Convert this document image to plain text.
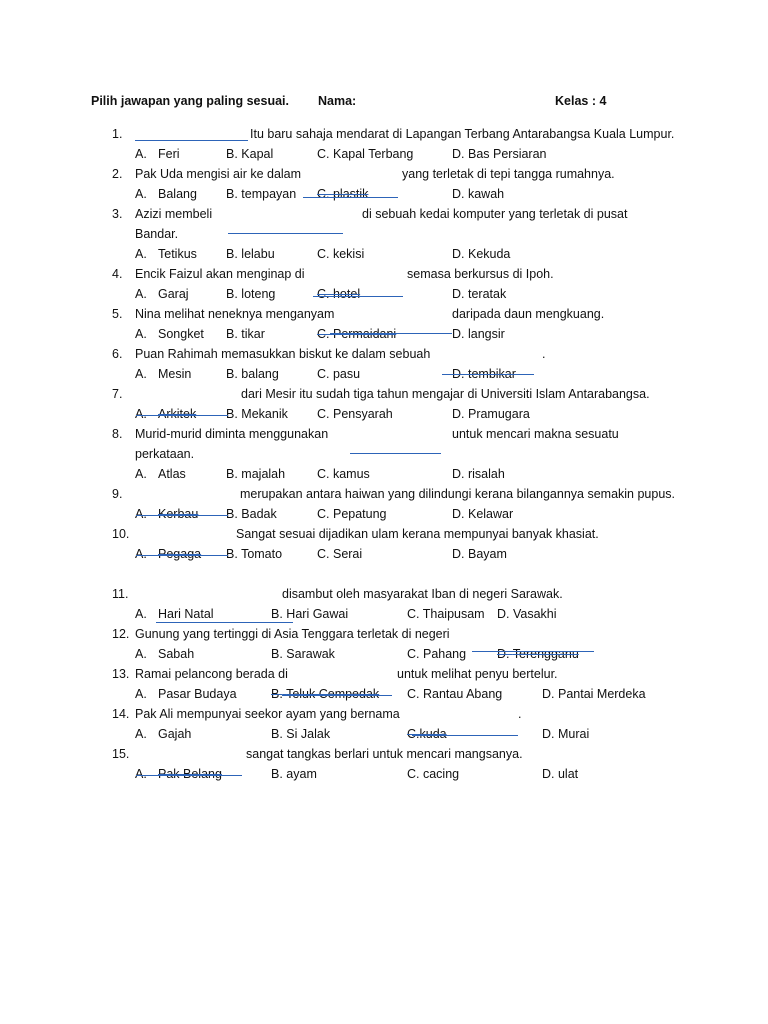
Pilih jawapan yang paling sesuai. Nama:	Kelas : 4
1.	Itu baru sahaja mendarat di Lapangan Terbang Antarabangsa Kuala Lumpur.
A. Feri	B. Kapal	C. Kapal Terbang	D. Bas Persiaran
2. Pak Uda mengisi air ke dalam	yang terletak di tepi tangga rumahnya.
A. Balang B. tempayan C. plastik	D. kawah
3. Azizi membeli	di sebuah kedai komputer yang terletak di pusat
Bandar.
A. Tetikus B. lelabu	C. kekisi	D. Kekuda
4. Encik Faizul akan menginap di	semasa berkursus di Ipoh.
A. Garaj	B. loteng	C. hotel	D. teratak
5. Nina melihat neneknya menganyam	daripada daun mengkuang.
A. Songket B. tikar	C. Permaidani	D. langsir
6. Puan Rahimah memasukkan biskut ke dalam sebuah	.
A. Mesin	B. balang	C. pasu	D. tembikar
7.	dari Mesir itu sudah tiga tahun mengajar di Universiti Islam Antarabangsa.
A. Arkitek B. Mekanik C. Pensyarah	D. Pramugara
8. Murid-murid diminta menggunakan	untuk mencari makna sesuatu
perkataan.
A. Atlas	B. majalah	C. kamus	D. risalah
9.	merupakan antara haiwan yang dilindungi kerana bilangannya semakin pupus.
A. Kerbau B. Badak	C. Pepatung	D. Kelawar
10.	Sangat sesuai dijadikan ulam kerana mempunyai banyak khasiat.
A. Pegaga B. Tomato	C. Serai	D. Bayam
11.	disambut oleh masyarakat Iban di negeri Sarawak.
A. Hari Natal	B. Hari Gawai	C. Thaipusam D. Vasakhi
12. Gunung yang tertinggi di Asia Tenggara terletak di negeri
A. Sabah	B. Sarawak	C. Pahang D. Terengganu
13. Ramai pelancong berada di	untuk melihat penyu bertelur.
A. Pasar Budaya	B. Teluk Cempedak C. Rantau Abang	D. Pantai Merdeka
14. Pak Ali mempunyai seekor ayam yang bernama	.
A. Gajah	B. Si Jalak	C.kuda	D. Murai
15.	sangat tangkas berlari untuk mencari mangsanya.
A. Pak Belang	B. ayam	C. cacing	D. ulat
